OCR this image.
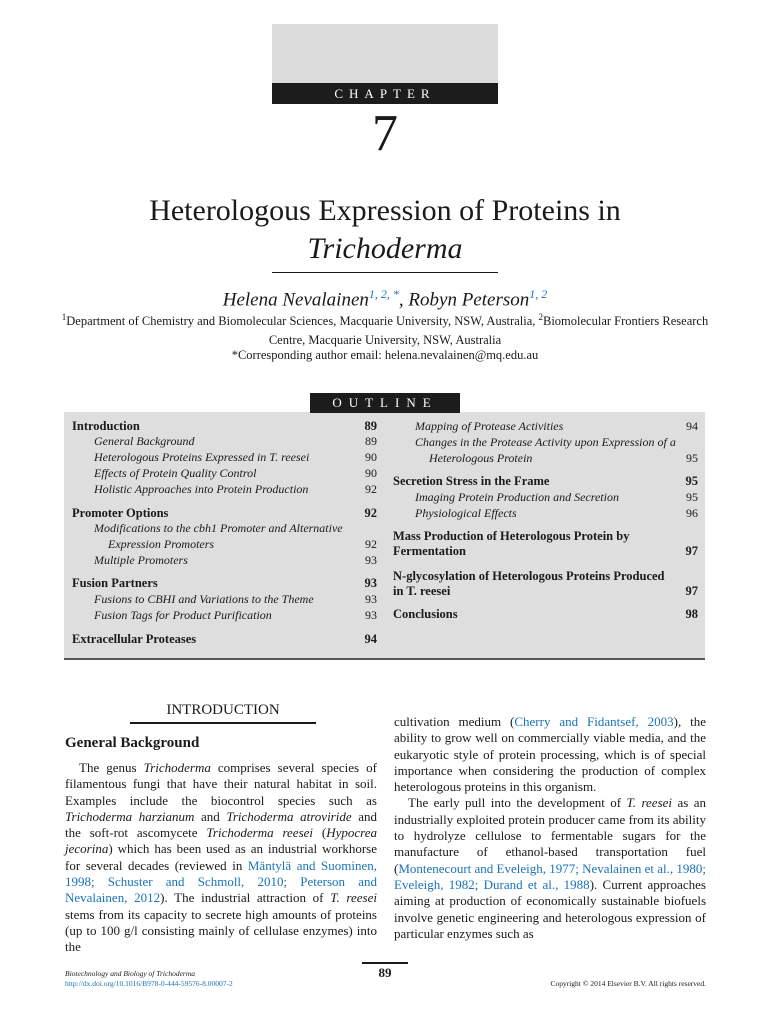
CHAPTER
7
Heterologous Expression of Proteins in
Trichoderma
Helena Nevalainen$^{1, 2, *}$, Robyn Peterson$^{1, 2}$
$^1$Department of Chemistry and Biomolecular Sciences, Macquarie University, NSW, Australia, $^2$Biomolecular Frontiers Research Centre, Macquarie University, NSW, Australia
*Corresponding author email: helena.nevalainen@mq.edu.au
OUTLINE
Introduction	89
General Background	89
Heterologous Proteins Expressed in T. reesei	90
Effects of Protein Quality Control	90
Holistic Approaches into Protein Production	92
Promoter Options	92
Modifications to the cbh1 Promoter and Alternative
Expression Promoters	92
Multiple Promoters	93
Fusion Partners	93
Fusions to CBHI and Variations to the Theme	93
Fusion Tags for Product Purification	93
Extracellular Proteases	94
Mapping of Protease Activities	94
Changes in the Protease Activity upon Expression of a
Heterologous Protein	95
Secretion Stress in the Frame	95
Imaging Protein Production and Secretion	95
Physiological Effects	96
Mass Production of Heterologous Protein by
Fermentation	97
N-glycosylation of Heterologous Proteins Produced
in T. reesei	97
Conclusions	98
INTRODUCTION
General Background

The genus Trichoderma comprises several species of filamentous fungi that have their natural habitat in soil. Examples include the biocontrol species such as Trichoderma harzianum and Trichoderma atroviride and the soft-rot ascomycete Trichoderma reesei (Hypocrea jecorina) which has been used as an industrial workhorse for several decades (reviewed in Mäntylä and Suominen, 1998; Schuster and Schmoll, 2010; Peterson and Nevalainen, 2012). The industrial attraction of T. reesei stems from its capacity to secrete high amounts of proteins (up to 100 g/l consisting mainly of cellulase enzymes) into the

cultivation medium (Cherry and Fidantsef, 2003), the ability to grow well on commercially viable media, and the eukaryotic style of protein processing, which is of special importance when considering the production of complex heterologous proteins in this organism.

The early pull into the development of T. reesei as an industrially exploited protein producer came from its ability to hydrolyze cellulose to fermentable sugars for the manufacture of ethanol-based transportation fuel (Montenecourt and Eveleigh, 1977; Nevalainen et al., 1980; Eveleigh, 1982; Durand et al., 1988). Current approaches aiming at production of economically sustainable biofuels involve genetic engineering and heterologous expression of particular enzymes such as

89
Biotechnology and Biology of Trichoderma
http://dx.doi.org/10.1016/B978-0-444-59576-8.00007-2	Copyright © 2014 Elsevier B.V. All rights reserved.
